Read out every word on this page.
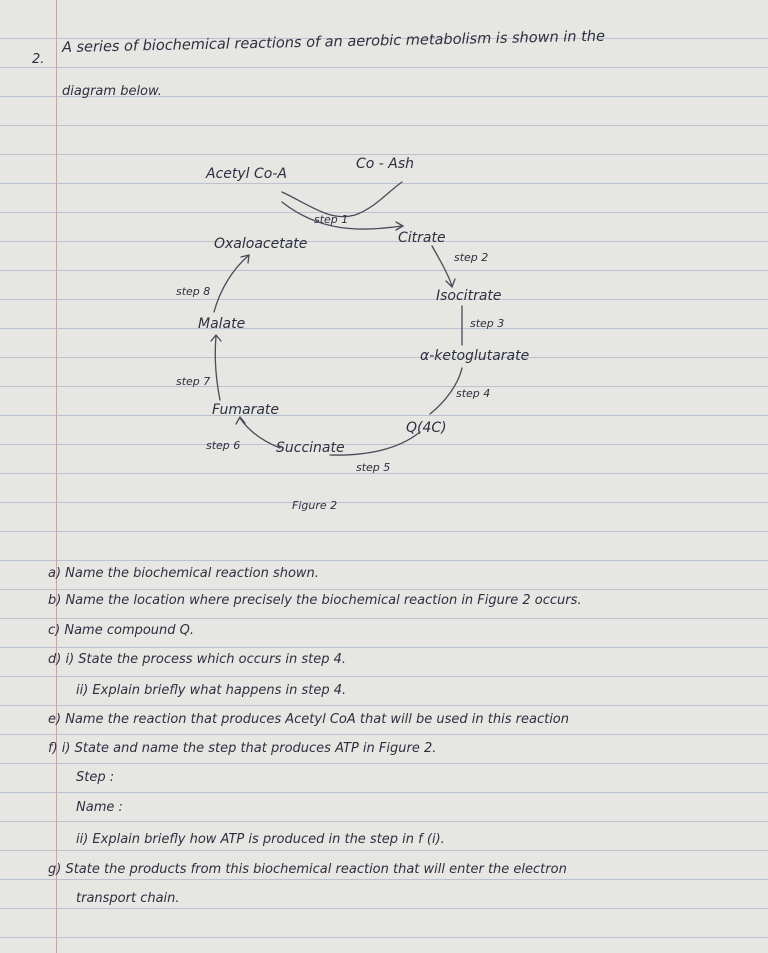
2.
A series of biochemical reactions of an aerobic metabolism is shown in the
diagram below.
Acetyl Co-A
Co - Ash
step 1
Oxaloacetate	Citrate
step 2
step 8	Isocitrate
Malate	step 3
α-ketoglutarate
step 7
step 4
Fumarate
Q(4C)
step 6	Succinate
step 5
Figure 2
a) Name the biochemical reaction shown.
b) Name the location where precisely the biochemical reaction in Figure 2 occurs.
c) Name compound Q.
d) i) State the process which occurs in step 4.
ii) Explain briefly what happens in step 4.
e) Name the reaction that produces Acetyl CoA that will be used in this reaction
f) i) State and name the step that produces ATP in Figure 2.
Step :
Name :
ii) Explain briefly how ATP is produced in the step in f (i).
g) State the products from this biochemical reaction that will enter the electron
transport chain.
